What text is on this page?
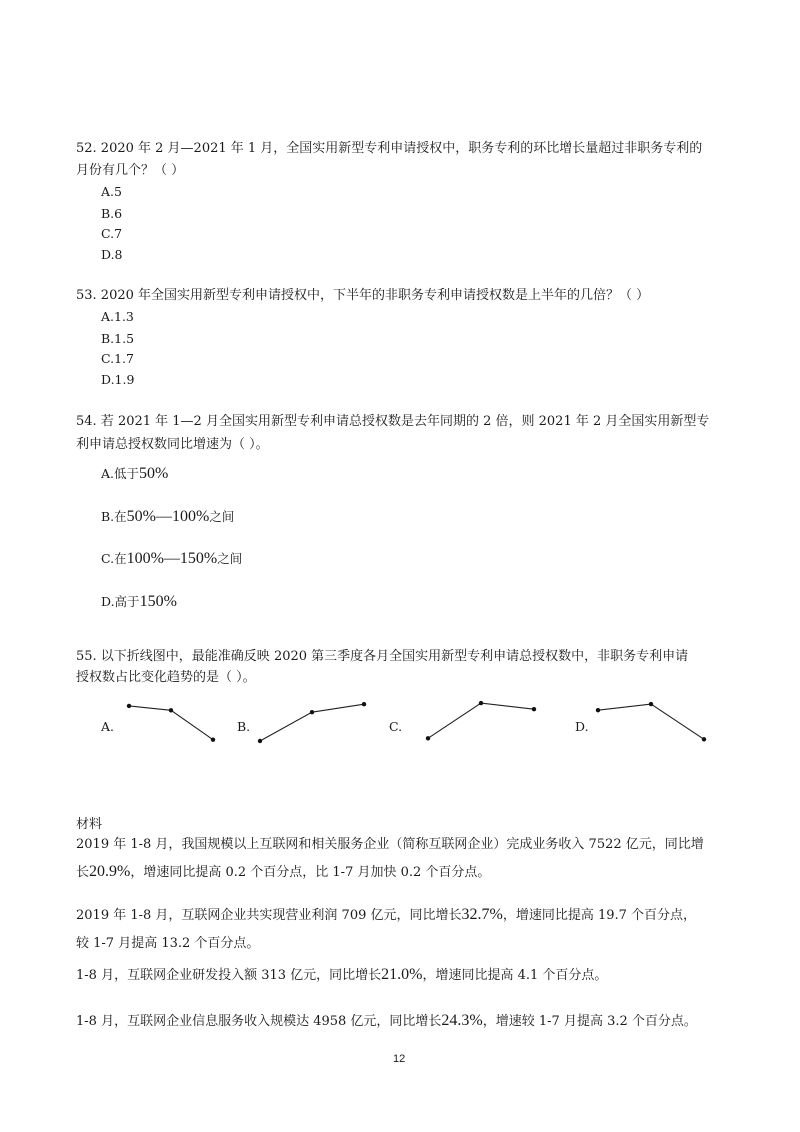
52. 2020 年 2 月—2021 年 1 月，全国实用新型专利申请授权中，职务专利的环比增长量超过非职务专利的
月份有几个？（ ）
A.5
B.6
C.7
D.8
53. 2020 年全国实用新型专利申请授权中，下半年的非职务专利申请授权数是上半年的几倍？（ ）
A.1.3
B.1.5
C.1.7
D.1.9
54. 若 2021 年 1—2 月全国实用新型专利申请总授权数是去年同期的 2 倍，则 2021 年 2 月全国实用新型专
利申请总授权数同比增速为（ ）。
A.低于50%
B.在50%—100%之间
C.在100%—150%之间
D.高于150%
55. 以下折线图中，最能准确反映 2020 第三季度各月全国实用新型专利申请总授权数中，非职务专利申请
授权数占比变化趋势的是（ ）。
A.	B.	C.	D.
材料
2019 年 1-8 月，我国规模以上互联网和相关服务企业（简称互联网企业）完成业务收入 7522 亿元，同比增
长20.9%，增速同比提高 0.2 个百分点，比 1-7 月加快 0.2 个百分点。
2019 年 1-8 月，互联网企业共实现营业利润 709 亿元，同比增长32.7%，增速同比提高 19.7 个百分点，
较 1-7 月提高 13.2 个百分点。
1-8 月，互联网企业研发投入额 313 亿元，同比增长21.0%，增速同比提高 4.1 个百分点。
1-8 月，互联网企业信息服务收入规模达 4958 亿元，同比增长24.3%，增速较 1-7 月提高 3.2 个百分点。
12
